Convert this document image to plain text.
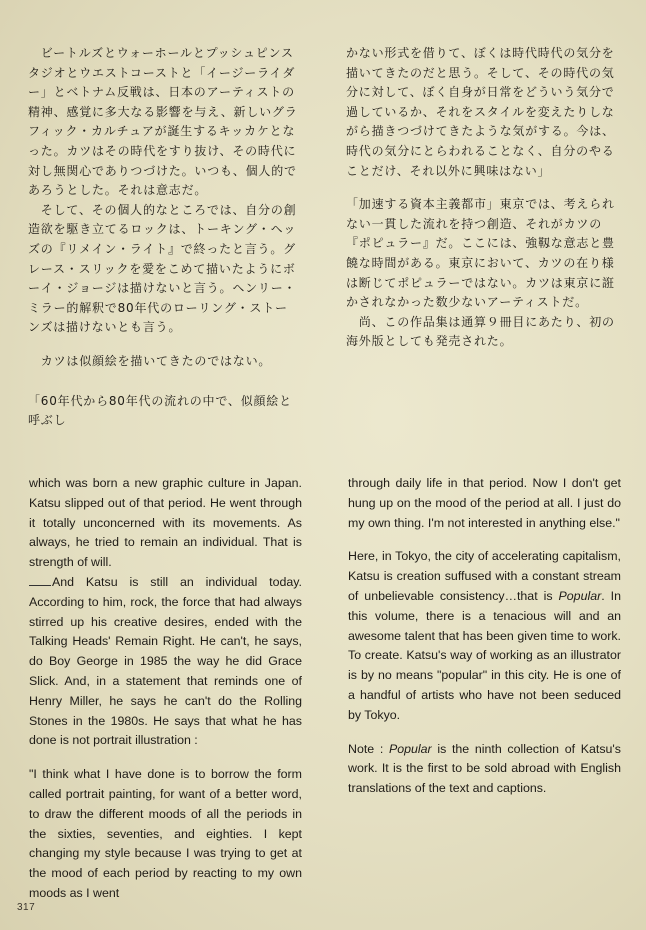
　ビートルズとウォーホールとプッシュピンスタジオとウエストコーストと「イージーライダー」とベトナム反戦は、日本のアーティストの精神、感覚に多大なる影響を与え、新しいグラフィック・カルチュアが誕生するキッカケとなった。カツはその時代をすり抜け、その時代に対し無関心でありつづけた。いつも、個人的であろうとした。それは意志だ。

　そして、その個人的なところでは、自分の創造欲を駆き立てるロックは、トーキング・ヘッズの『リメイン・ライト』で終ったと言う。グレース・スリックを愛をこめて描いたようにボーイ・ジョージは描けないと言う。ヘンリー・ミラー的解釈で80年代のローリング・ストーンズは描けないとも言う。

　カツは似顔絵を描いてきたのではない。

「60年代から80年代の流れの中で、似顔絵と呼ぶし

かない形式を借りて、ぼくは時代時代の気分を描いてきたのだと思う。そして、その時代の気分に対して、ぼく自身が日常をどういう気分で過しているか、それをスタイルを変えたりしながら描きつづけてきたような気がする。今は、時代の気分にとらわれることなく、自分のやることだけ、それ以外に興味はない」

「加速する資本主義都市」東京では、考えられない一貫した流れを持つ創造、それがカツの『ポピュラー』だ。ここには、強靱な意志と豊饒な時間がある。東京において、カツの在り様は断じてポピュラーではない。カツは東京に誑かされなかった数少ないアーティストだ。

　尚、この作品集は通算９冊目にあたり、初の海外版としても発売された。

which was born a new graphic culture in Japan. Katsu slipped out of that period. He went through it totally unconcerned with its movements. As always, he tried to remain an individual. That is strength of will.

And Katsu is still an individual today. According to him, rock, the force that had always stirred up his creative desires, ended with the Talking Heads' Remain Right. He can't, he says, do Boy George in 1985 the way he did Grace Slick. And, in a statement that reminds one of Henry Miller, he says he can't do the Rolling Stones in the 1980s. He says that what he has done is not portrait illustration :

"I think what I have done is to borrow the form called portrait painting, for want of a better word, to draw the different moods of all the periods in the sixties, seventies, and eighties. I kept changing my style because I was trying to get at the mood of each period by reacting to my own moods as I went

through daily life in that period. Now I don't get hung up on the mood of the period at all. I just do my own thing. I'm not interested in anything else."

Here, in Tokyo, the city of accelerating capitalism, Katsu is creation suffused with a constant stream of unbelievable consistency…that is Popular. In this volume, there is a tenacious will and an awesome talent that has been given time to work. To create. Katsu's way of working as an illustrator is by no means "popular" in this city. He is one of a handful of artists who have not been seduced by Tokyo.

Note : Popular is the ninth collection of Katsu's work. It is the first to be sold abroad with English translations of the text and captions.

317
